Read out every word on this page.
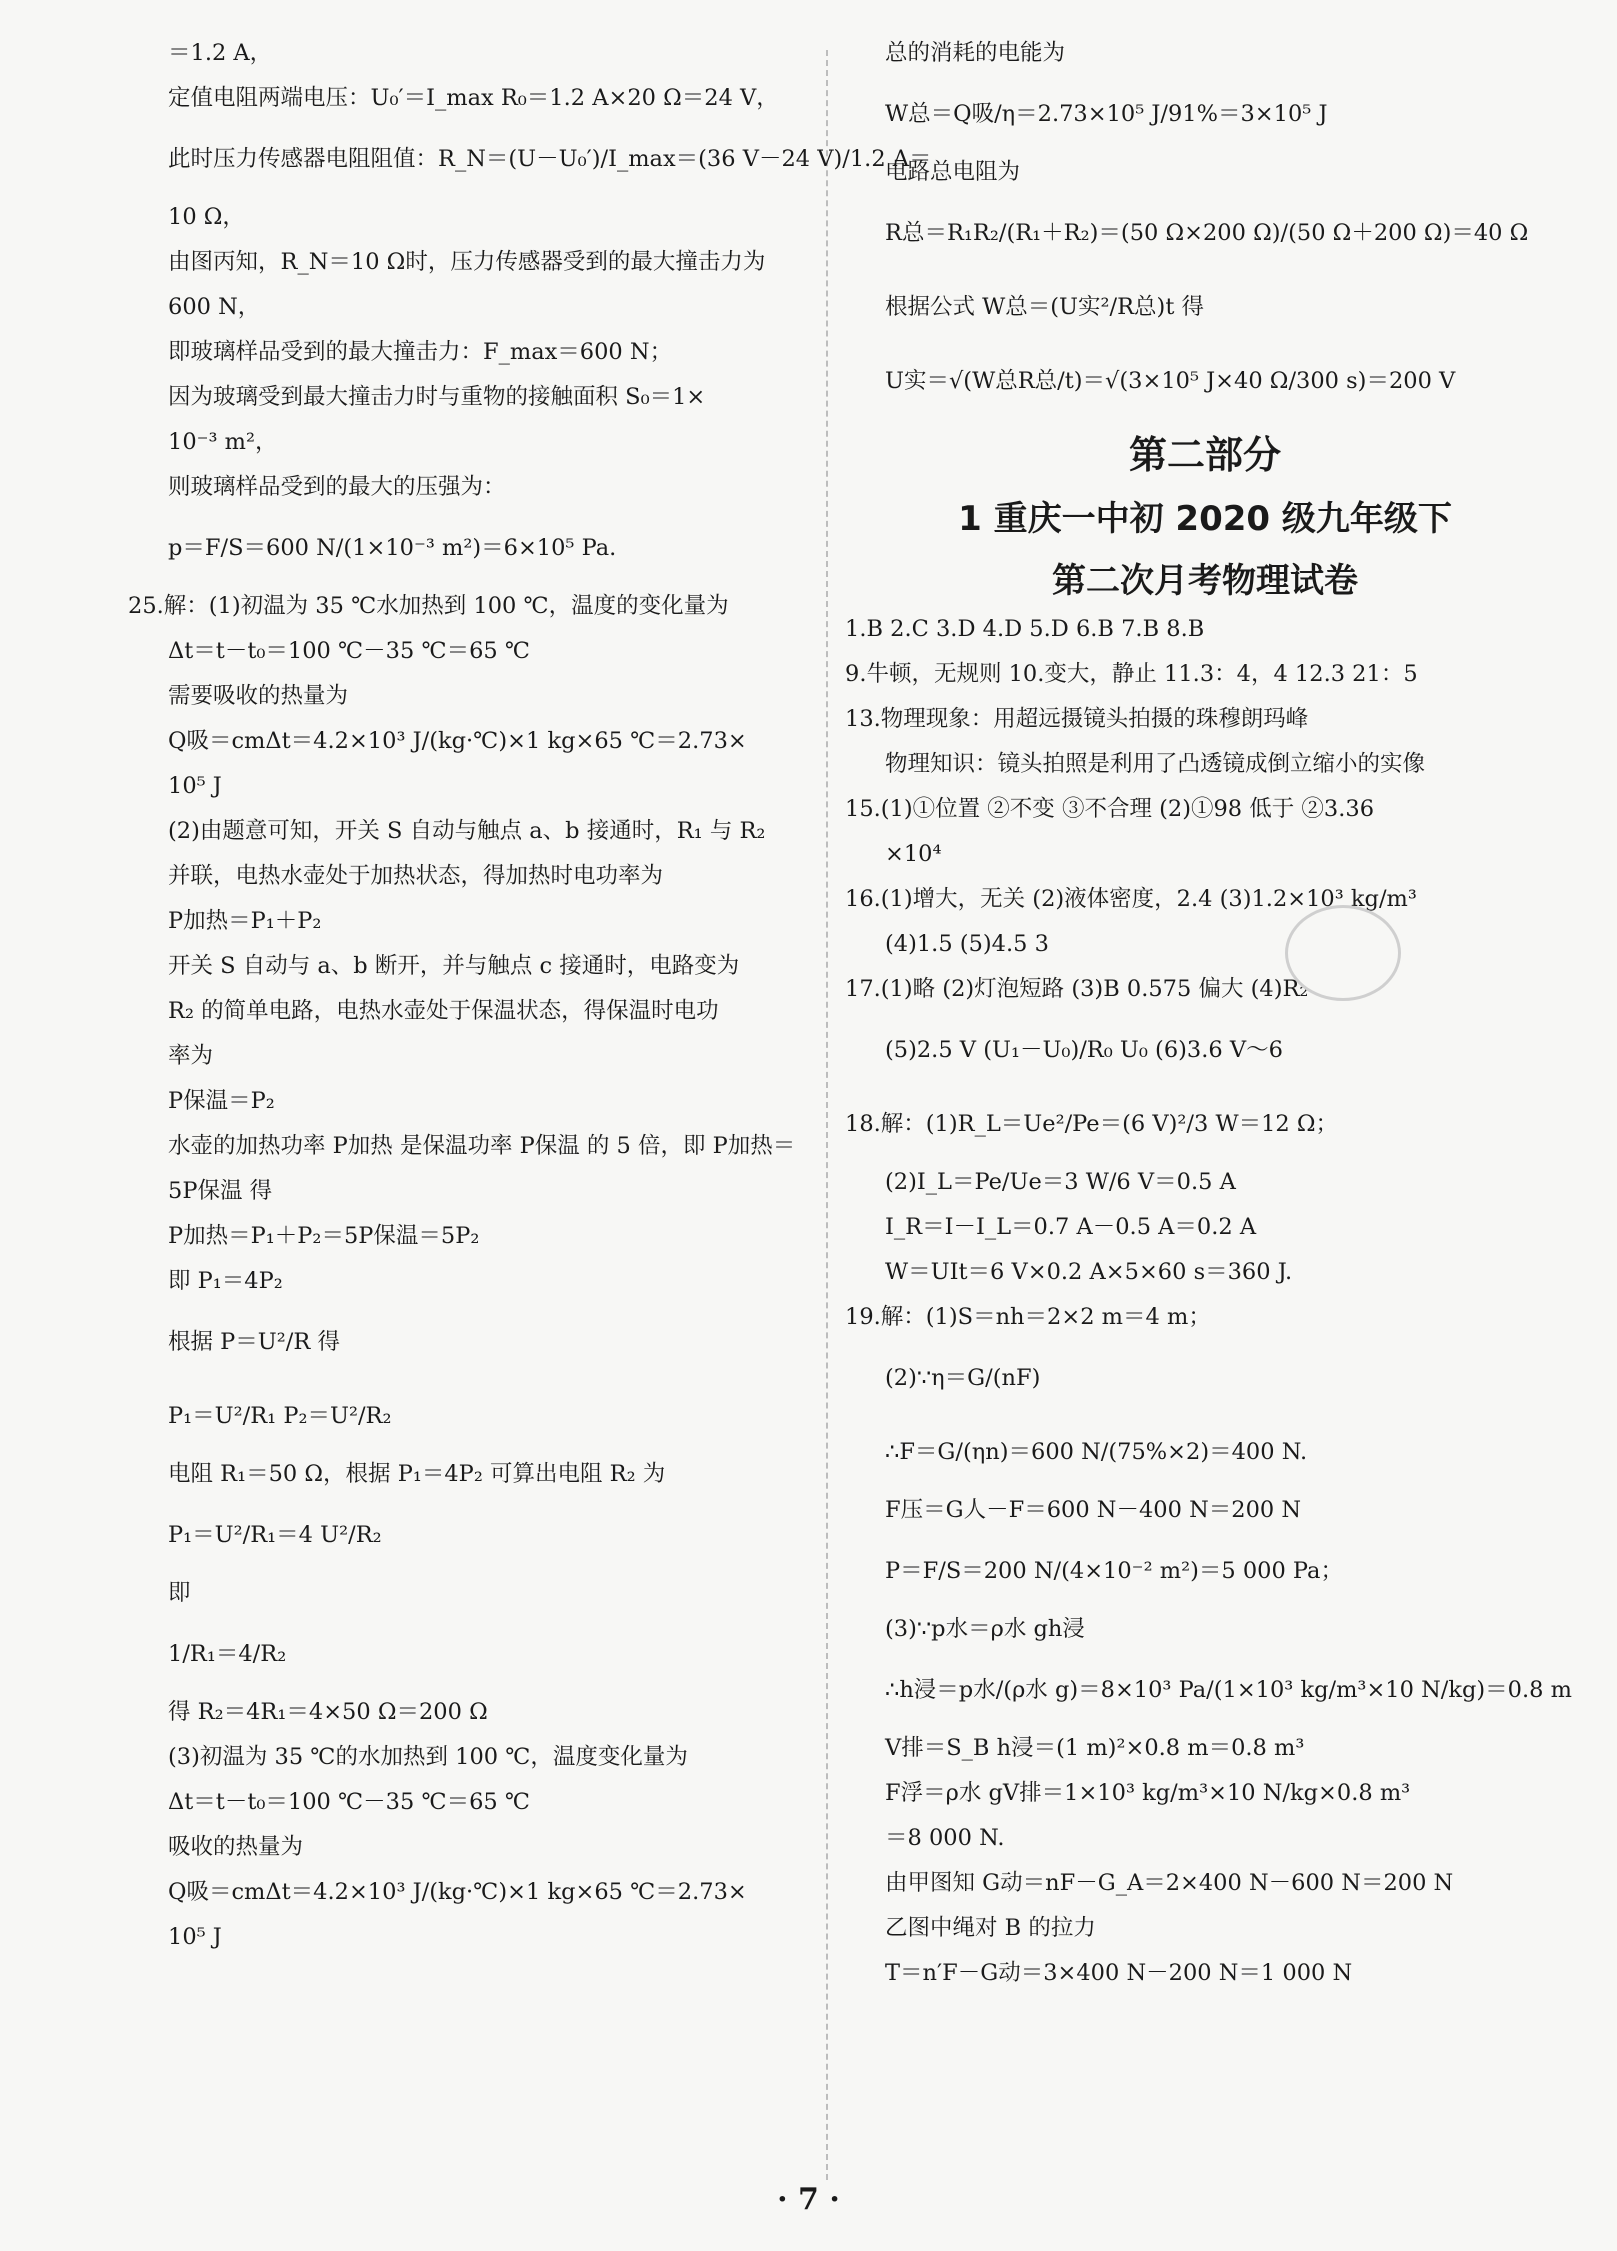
＝1.2 A，
定值电阻两端电压：U₀′＝I_max R₀＝1.2 A×20 Ω＝24 V，
此时压力传感器电阻阻值：R_N＝(U－U₀′)/I_max＝(36 V－24 V)/1.2 A＝
10 Ω，
由图丙知，R_N＝10 Ω时，压力传感器受到的最大撞击力为
600 N，
即玻璃样品受到的最大撞击力：F_max＝600 N；
因为玻璃受到最大撞击力时与重物的接触面积 S₀＝1×
10⁻³ m²，
则玻璃样品受到的最大的压强为：
p＝F/S＝600 N/(1×10⁻³ m²)＝6×10⁵ Pa.
25.解：(1)初温为 35 ℃水加热到 100 ℃，温度的变化量为
Δt＝t－t₀＝100 ℃－35 ℃＝65 ℃
需要吸收的热量为
Q吸＝cmΔt＝4.2×10³ J/(kg·℃)×1 kg×65 ℃＝2.73×
10⁵ J
(2)由题意可知，开关 S 自动与触点 a、b 接通时，R₁ 与 R₂
并联，电热水壶处于加热状态，得加热时电功率为
P加热＝P₁＋P₂
开关 S 自动与 a、b 断开，并与触点 c 接通时，电路变为
R₂ 的简单电路，电热水壶处于保温状态，得保温时电功
率为
P保温＝P₂
水壶的加热功率 P加热 是保温功率 P保温 的 5 倍，即 P加热＝
5P保温 得
P加热＝P₁＋P₂＝5P保温＝5P₂
即 P₁＝4P₂
根据 P＝U²/R 得
P₁＝U²/R₁ P₂＝U²/R₂
电阻 R₁＝50 Ω，根据 P₁＝4P₂ 可算出电阻 R₂ 为
P₁＝U²/R₁＝4 U²/R₂
即
1/R₁＝4/R₂
得 R₂＝4R₁＝4×50 Ω＝200 Ω
(3)初温为 35 ℃的水加热到 100 ℃，温度变化量为
Δt＝t－t₀＝100 ℃－35 ℃＝65 ℃
吸收的热量为
Q吸＝cmΔt＝4.2×10³ J/(kg·℃)×1 kg×65 ℃＝2.73×
10⁵ J
总的消耗的电能为
W总＝Q吸/η＝2.73×10⁵ J/91%＝3×10⁵ J
电路总电阻为
R总＝R₁R₂/(R₁＋R₂)＝(50 Ω×200 Ω)/(50 Ω＋200 Ω)＝40 Ω
根据公式 W总＝(U实²/R总)t 得
U实＝√(W总R总/t)＝√(3×10⁵ J×40 Ω/300 s)＝200 V
第二部分
1 重庆一中初 2020 级九年级下
第二次月考物理试卷
1.B 2.C 3.D 4.D 5.D 6.B 7.B 8.B
9.牛顿，无规则 10.变大，静止 11.3：4，4 12.3 21：5
13.物理现象：用超远摄镜头拍摄的珠穆朗玛峰
物理知识：镜头拍照是利用了凸透镜成倒立缩小的实像
15.(1)①位置 ②不变 ③不合理 (2)①98 低于 ②3.36
×10⁴
16.(1)增大，无关 (2)液体密度，2.4 (3)1.2×10³ kg/m³
(4)1.5 (5)4.5 3
17.(1)略 (2)灯泡短路 (3)B 0.575 偏大 (4)R₂
(5)2.5 V (U₁－U₀)/R₀ U₀ (6)3.6 V～6
18.解：(1)R_L＝Ue²/Pe＝(6 V)²/3 W＝12 Ω；
(2)I_L＝Pe/Ue＝3 W/6 V＝0.5 A
I_R＝I－I_L＝0.7 A－0.5 A＝0.2 A
W＝UIt＝6 V×0.2 A×5×60 s＝360 J.
19.解：(1)S＝nh＝2×2 m＝4 m；
(2)∵η＝G/(nF)
∴F＝G/(ηn)＝600 N/(75%×2)＝400 N.
F压＝G人－F＝600 N－400 N＝200 N
P＝F/S＝200 N/(4×10⁻² m²)＝5 000 Pa；
(3)∵p水＝ρ水 gh浸
∴h浸＝p水/(ρ水 g)＝8×10³ Pa/(1×10³ kg/m³×10 N/kg)＝0.8 m
V排＝S_B h浸＝(1 m)²×0.8 m＝0.8 m³
F浮＝ρ水 gV排＝1×10³ kg/m³×10 N/kg×0.8 m³
＝8 000 N.
由甲图知 G动＝nF－G_A＝2×400 N－600 N＝200 N
乙图中绳对 B 的拉力
T＝n′F－G动＝3×400 N－200 N＝1 000 N
· 7 ·
